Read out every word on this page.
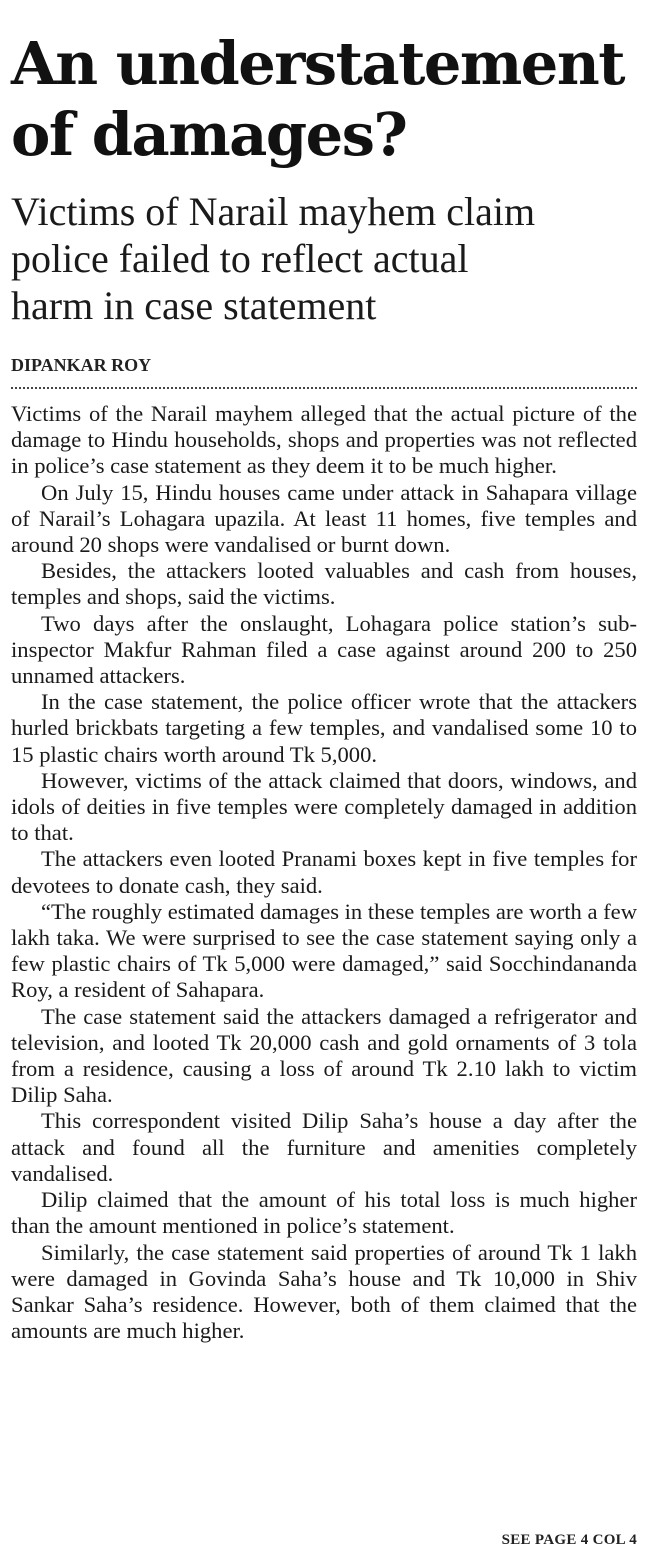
An understatement
of damages?
Victims of Narail mayhem claim
police failed to reflect actual
harm in case statement
DIPANKAR ROY

Victims of the Narail mayhem alleged that the actual picture of the damage to Hindu households, shops and properties was not reflected in police’s case statement as they deem it to be much higher.

On July 15, Hindu houses came under attack in Sahapara village of Narail’s Lohagara upazila. At least 11 homes, five temples and around 20 shops were vandalised or burnt down.

Besides, the attackers looted valuables and cash from houses, temples and shops, said the victims.

Two days after the onslaught, Lohagara police station’s sub-inspector Makfur Rahman filed a case against around 200 to 250 unnamed attackers.

In the case statement, the police officer wrote that the attackers hurled brickbats targeting a few temples, and vandalised some 10 to 15 plastic chairs worth around Tk 5,000.

However, victims of the attack claimed that doors, windows, and idols of deities in five temples were completely damaged in addition to that.

The attackers even looted Pranami boxes kept in five temples for devotees to donate cash, they said.

“The roughly estimated damages in these temples are worth a few lakh taka. We were surprised to see the case statement saying only a few plastic chairs of Tk 5,000 were damaged,” said Socchindananda Roy, a resident of Sahapara.

The case statement said the attackers damaged a refrigerator and television, and looted Tk 20,000 cash and gold ornaments of 3 tola from a residence, causing a loss of around Tk 2.10 lakh to victim Dilip Saha.

This correspondent visited Dilip Saha’s house a day after the attack and found all the furniture and amenities completely vandalised.

Dilip claimed that the amount of his total loss is much higher than the amount mentioned in police’s statement.

Similarly, the case statement said properties of around Tk 1 lakh were damaged in Govinda Saha’s house and Tk 10,000 in Shiv Sankar Saha’s residence. However, both of them claimed that the amounts are much higher.

SEE PAGE 4 COL 4
